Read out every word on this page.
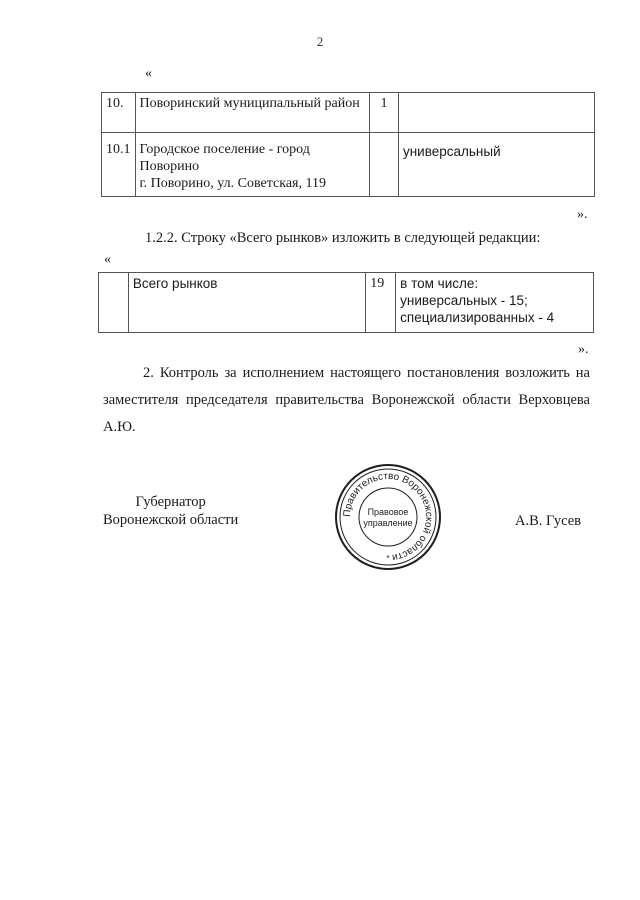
2
«
10.	Поворинский муниципальный район	1	
10.1	Городское поселение - город Поворино
г. Поворино, ул. Советская, 119		универсальный
».
1.2.2. Строку «Всего рынков» изложить в следующей редакции:
«
	Всего рынков	19	в том числе:
универсальных - 15;
специализированных - 4
».
2. Контроль за исполнением настоящего постановления возложить на заместителя председателя правительства Воронежской области Верховцева А.Ю.
Губернатор
Воронежской области	Правительство Воронежской области
Правовое
управление
*
А.В. Гусев
